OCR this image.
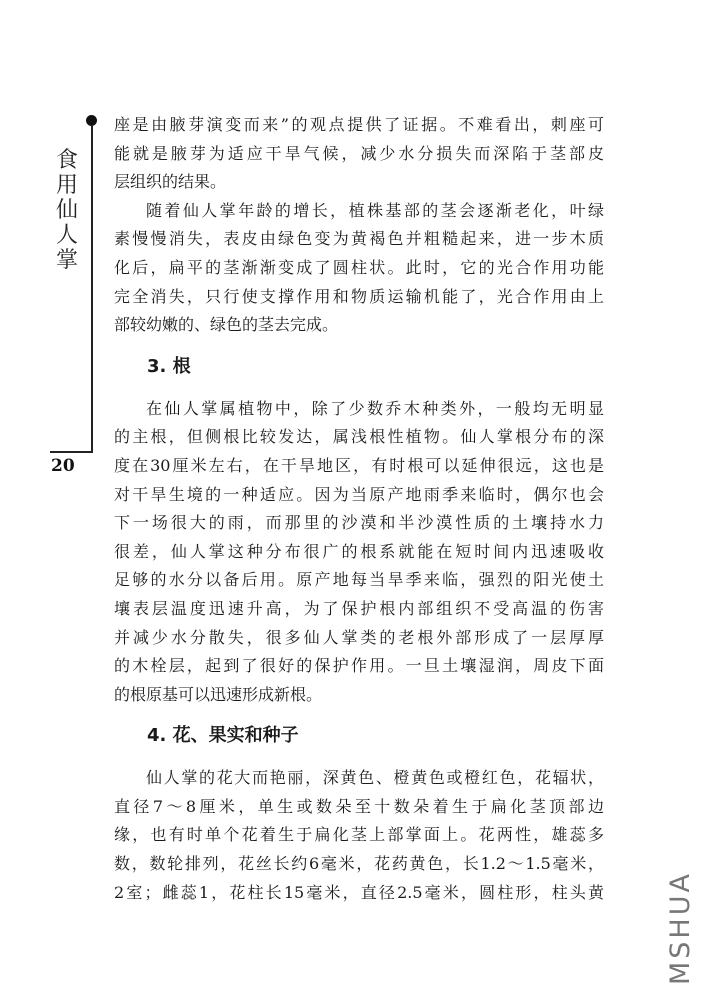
食用仙人掌
20
座是由腋芽演变而来”的观点提供了证据。不难看出，刺座可
能就是腋芽为适应干旱气候，减少水分损失而深陷于茎部皮
层组织的结果。
随着仙人掌年龄的增长，植株基部的茎会逐渐老化，叶绿
素慢慢消失，表皮由绿色变为黄褐色并粗糙起来，进一步木质
化后，扁平的茎渐渐变成了圆柱状。此时，它的光合作用功能
完全消失，只行使支撑作用和物质运输机能了，光合作用由上
部较幼嫩的、绿色的茎去完成。
3. 根
在仙人掌属植物中，除了少数乔木种类外，一般均无明显
的主根，但侧根比较发达，属浅根性植物。仙人掌根分布的深
度在30厘米左右，在干旱地区，有时根可以延伸很远，这也是
对干旱生境的一种适应。因为当原产地雨季来临时，偶尔也会
下一场很大的雨，而那里的沙漠和半沙漠性质的土壤持水力
很差，仙人掌这种分布很广的根系就能在短时间内迅速吸收
足够的水分以备后用。原产地每当旱季来临，强烈的阳光使土
壤表层温度迅速升高，为了保护根内部组织不受高温的伤害
并减少水分散失，很多仙人掌类的老根外部形成了一层厚厚
的木栓层，起到了很好的保护作用。一旦土壤湿润，周皮下面
的根原基可以迅速形成新根。
4. 花、果实和种子
仙人掌的花大而艳丽，深黄色、橙黄色或橙红色，花辐状，
直径7～8厘米，单生或数朵至十数朵着生于扁化茎顶部边
缘，也有时单个花着生于扁化茎上部掌面上。花两性，雄蕊多
数，数轮排列，花丝长约6毫米，花药黄色，长1.2～1.5毫米，
2室；雌蕊1，花柱长15毫米，直径2.5毫米，圆柱形，柱头黄 MSHUA
